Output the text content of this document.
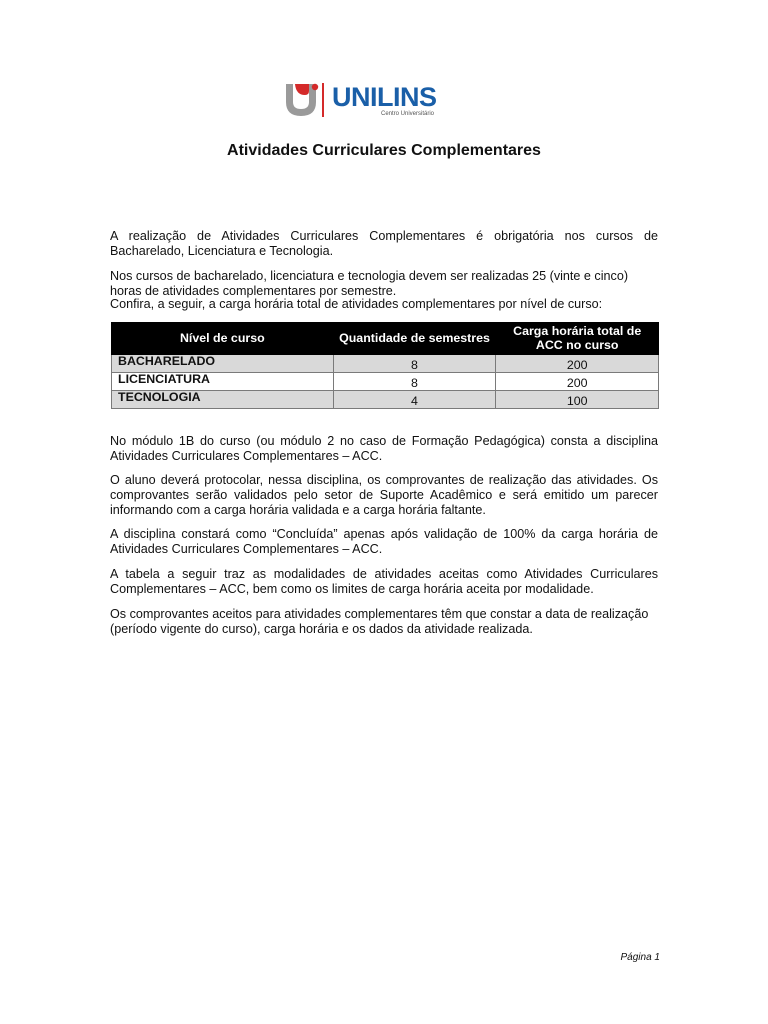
UNILINS
Centro Universitário
Atividades Curriculares Complementares

A realização de Atividades Curriculares Complementares é obrigatória nos cursos de Bacharelado, Licenciatura e Tecnologia.

Nos cursos de bacharelado, licenciatura e tecnologia devem ser realizadas 25 (vinte e cinco) horas de atividades complementares por semestre.

Confira, a seguir, a carga horária total de atividades complementares por nível de curso:

Nível de curso	Quantidade de semestres	Carga horária total de ACC no curso
BACHARELADO	8	200
LICENCIATURA	8	200
TECNOLOGIA	4	100

No módulo 1B do curso (ou módulo 2 no caso de Formação Pedagógica) consta a disciplina Atividades Curriculares Complementares – ACC.

O aluno deverá protocolar, nessa disciplina, os comprovantes de realização das atividades. Os comprovantes serão validados pelo setor de Suporte Acadêmico e será emitido um parecer informando com a carga horária validada e a carga horária faltante.

A disciplina constará como “Concluída” apenas após validação de 100% da carga horária de Atividades Curriculares Complementares – ACC.

A tabela a seguir traz as modalidades de atividades aceitas como Atividades Curriculares Complementares – ACC, bem como os limites de carga horária aceita por modalidade.

Os comprovantes aceitos para atividades complementares têm que constar a data de realização (período vigente do curso), carga horária e os dados da atividade realizada.

Página 1
